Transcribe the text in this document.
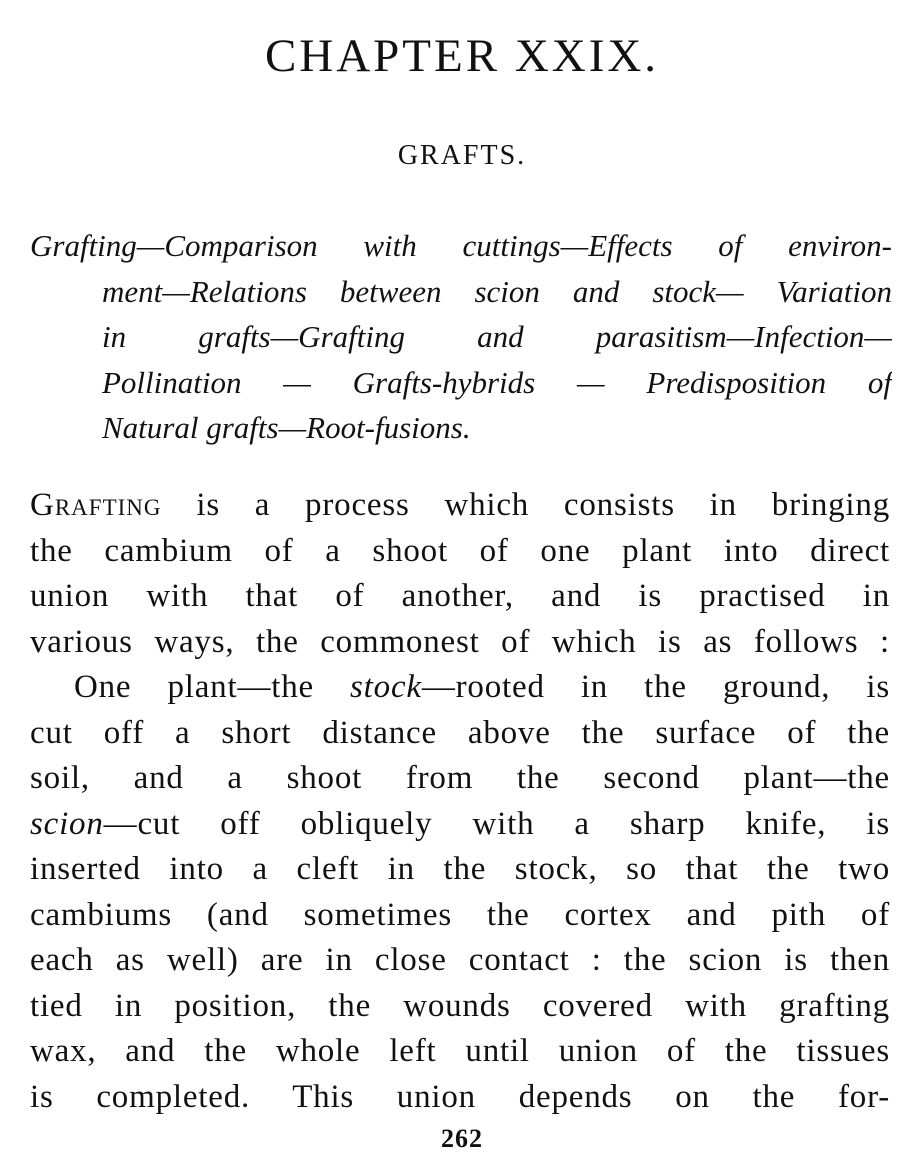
CHAPTER XXIX.
GRAFTS.
Grafting—Comparison with cuttings—Effects of environ-
ment—Relations between scion and stock— Variation
in grafts—Grafting and parasitism—Infection—
Pollination — Grafts-hybrids — Predisposition of
Natural grafts—Root-fusions.
Grafting is a process which consists in bringing
the cambium of a shoot of one plant into direct
union with that of another, and is practised in
various ways, the commonest of which is as follows :
One plant—the stock—rooted in the ground, is
cut off a short distance above the surface of the
soil, and a shoot from the second plant—the
scion—cut off obliquely with a sharp knife, is
inserted into a cleft in the stock, so that the two
cambiums (and sometimes the cortex and pith of
each as well) are in close contact : the scion is then
tied in position, the wounds covered with grafting
wax, and the whole left until union of the tissues
is completed. This union depends on the for-
262
